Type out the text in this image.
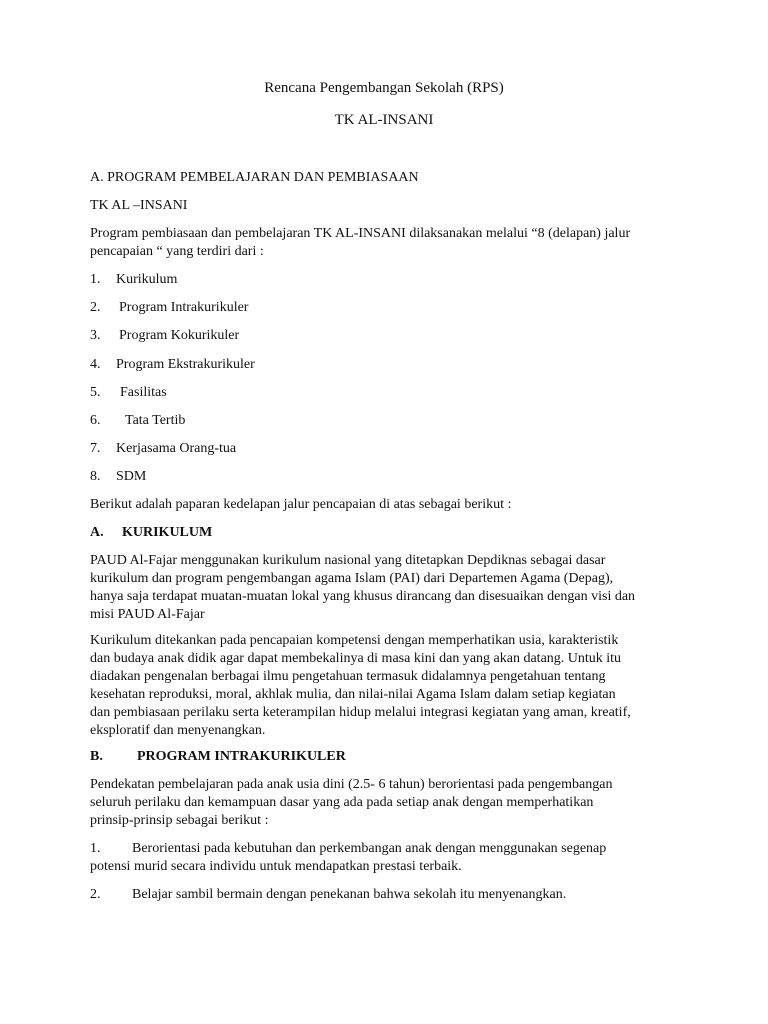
Rencana Pengembangan Sekolah (RPS)
TK AL-INSANI
A. PROGRAM PEMBELAJARAN DAN PEMBIASAAN
TK AL –INSANI
Program pembiasaan dan pembelajaran TK AL-INSANI dilaksanakan melalui “8 (delapan) jalur
pencapaian “ yang terdiri dari :
1. Kurikulum
2. Program Intrakurikuler
3. Program Kokurikuler
4. Program Ekstrakurikuler
5. Fasilitas
6. Tata Tertib
7. Kerjasama Orang-tua
8. SDM
Berikut adalah paparan kedelapan jalur pencapaian di atas sebagai berikut :
A. KURIKULUM
PAUD Al-Fajar menggunakan kurikulum nasional yang ditetapkan Depdiknas sebagai dasar
kurikulum dan program pengembangan agama Islam (PAI) dari Departemen Agama (Depag),
hanya saja terdapat muatan-muatan lokal yang khusus dirancang dan disesuaikan dengan visi dan
misi PAUD Al-Fajar
Kurikulum ditekankan pada pencapaian kompetensi dengan memperhatikan usia, karakteristik
dan budaya anak didik agar dapat membekalinya di masa kini dan yang akan datang. Untuk itu
diadakan pengenalan berbagai ilmu pengetahuan termasuk didalamnya pengetahuan tentang
kesehatan reproduksi, moral, akhlak mulia, dan nilai-nilai Agama Islam dalam setiap kegiatan
dan pembiasaan perilaku serta keterampilan hidup melalui integrasi kegiatan yang aman, kreatif,
eksploratif dan menyenangkan.
B. PROGRAM INTRAKURIKULER
Pendekatan pembelajaran pada anak usia dini (2.5- 6 tahun) berorientasi pada pengembangan
seluruh perilaku dan kemampuan dasar yang ada pada setiap anak dengan memperhatikan
prinsip-prinsip sebagai berikut :
1. Berorientasi pada kebutuhan dan perkembangan anak dengan menggunakan segenap
potensi murid secara individu untuk mendapatkan prestasi terbaik.
2. Belajar sambil bermain dengan penekanan bahwa sekolah itu menyenangkan.
